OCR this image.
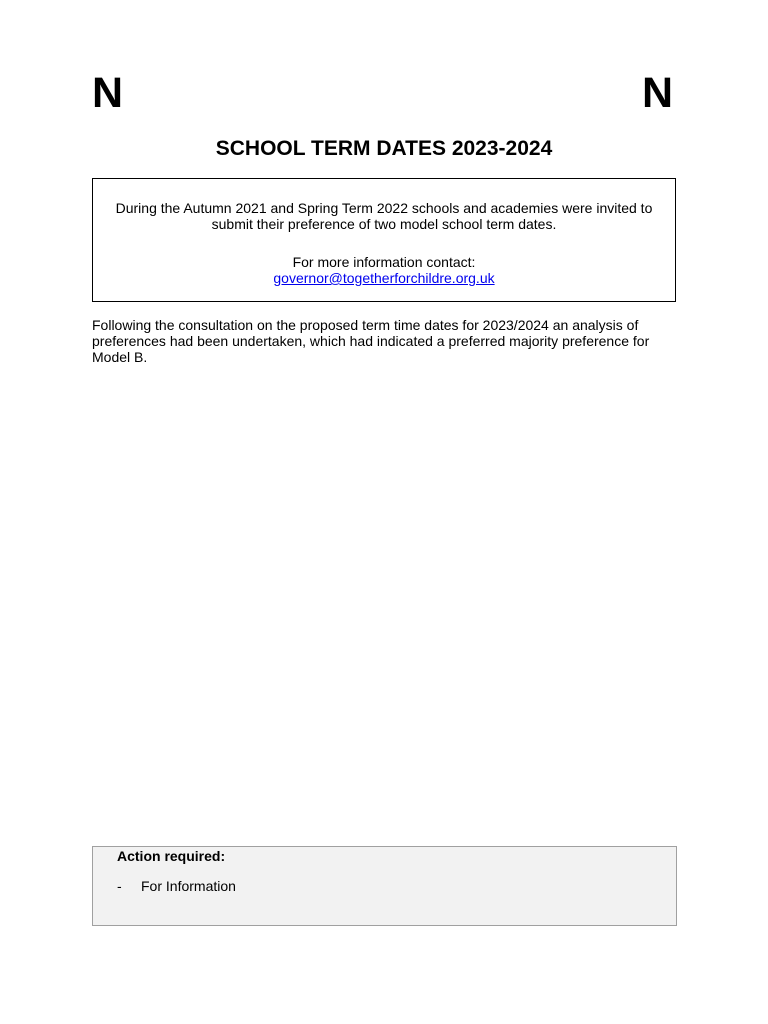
N	N
SCHOOL TERM DATES 2023-2024

During the Autumn 2021 and Spring Term 2022 schools and academies were invited to submit their preference of two model school term dates.

For more information contact:

governor@togetherforchildre.org.uk

Following the consultation on the proposed term time dates for 2023/2024 an analysis of preferences had been undertaken, which had indicated a preferred majority preference for Model B.
Action required:
- For Information
